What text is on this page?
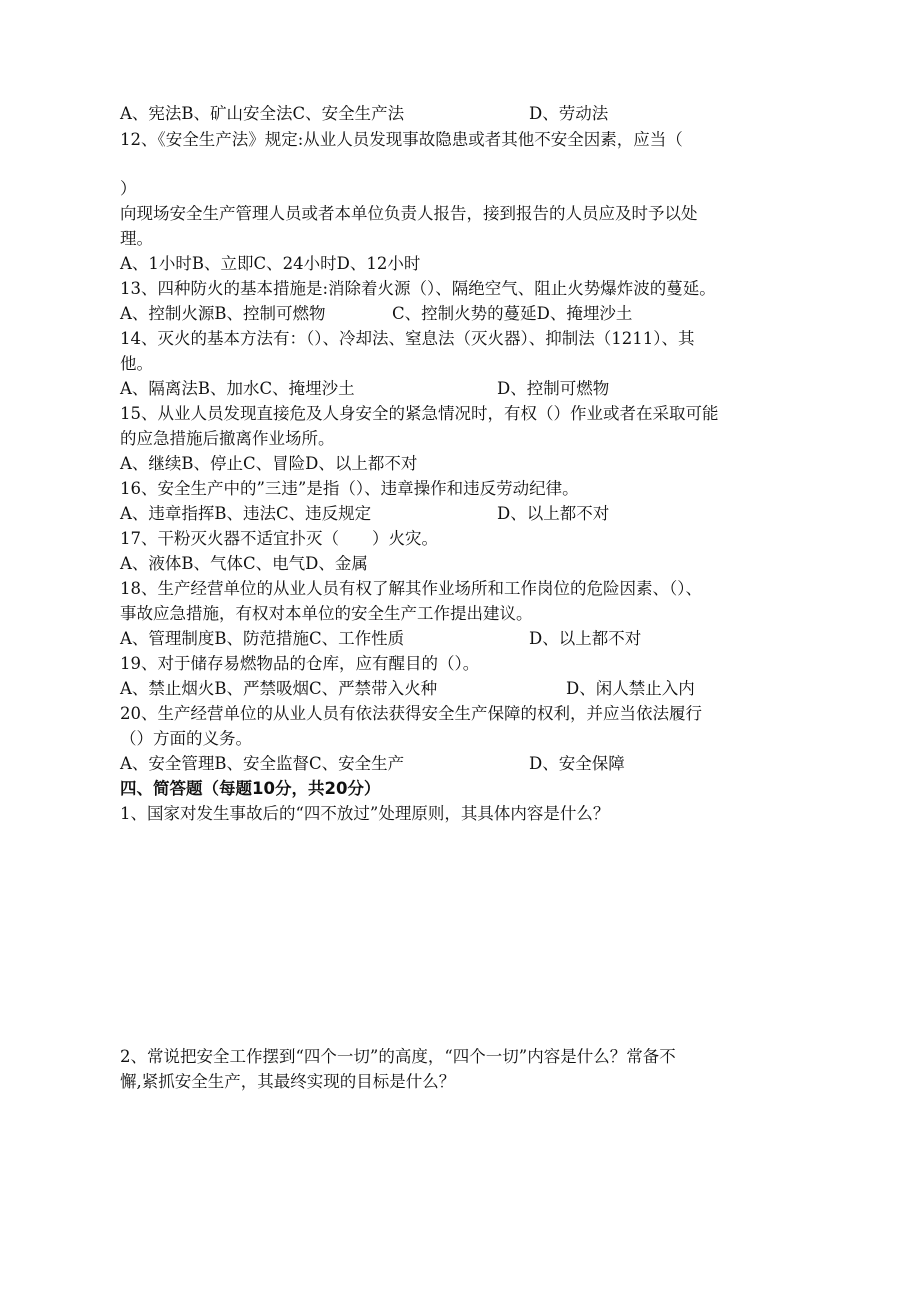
A、宪法B、矿山安全法C、安全生产法	D、劳动法
12、《安全生产法》规定:从业人员发现事故隐患或者其他不安全因素，应当（
）
向现场安全生产管理人员或者本单位负责人报告，接到报告的人员应及时予以处
理。
A、1小时B、立即C、24小时D、12小时
13、四种防火的基本措施是:消除着火源（）、隔绝空气、阻止火势爆炸波的蔓延。
A、控制火源B、控制可燃物	C、控制火势的蔓延D、掩埋沙土
14、灭火的基本方法有：（）、冷却法、窒息法（灭火器）、抑制法（1211）、其
他。
A、隔离法B、加水C、掩埋沙土	D、控制可燃物
15、从业人员发现直接危及人身安全的紧急情况时，有权（）作业或者在采取可能
的应急措施后撤离作业场所。
A、继续B、停止C、冒险D、以上都不对
16、安全生产中的”三违”是指（）、违章操作和违反劳动纪律。
A、违章指挥B、违法C、违反规定	D、以上都不对
17、干粉灭火器不适宜扑灭（　　）火灾。
A、液体B、气体C、电气D、金属
18、生产经营单位的从业人员有权了解其作业场所和工作岗位的危险因素、（）、
事故应急措施，有权对本单位的安全生产工作提出建议。
A、管理制度B、防范措施C、工作性质	D、以上都不对
19、对于储存易燃物品的仓库，应有醒目的（）。
A、禁止烟火B、严禁吸烟C、严禁带入火种	D、闲人禁止入内
20、生产经营单位的从业人员有依法获得安全生产保障的权利，并应当依法履行
（）方面的义务。
A、安全管理B、安全监督C、安全生产	D、安全保障
四、简答题（每题10分，共20分）
1、国家对发生事故后的“四不放过”处理原则，其具体内容是什么？
2、常说把安全工作摆到“四个一切”的高度，“四个一切”内容是什么？常备不
懈,紧抓安全生产，其最终实现的目标是什么？
